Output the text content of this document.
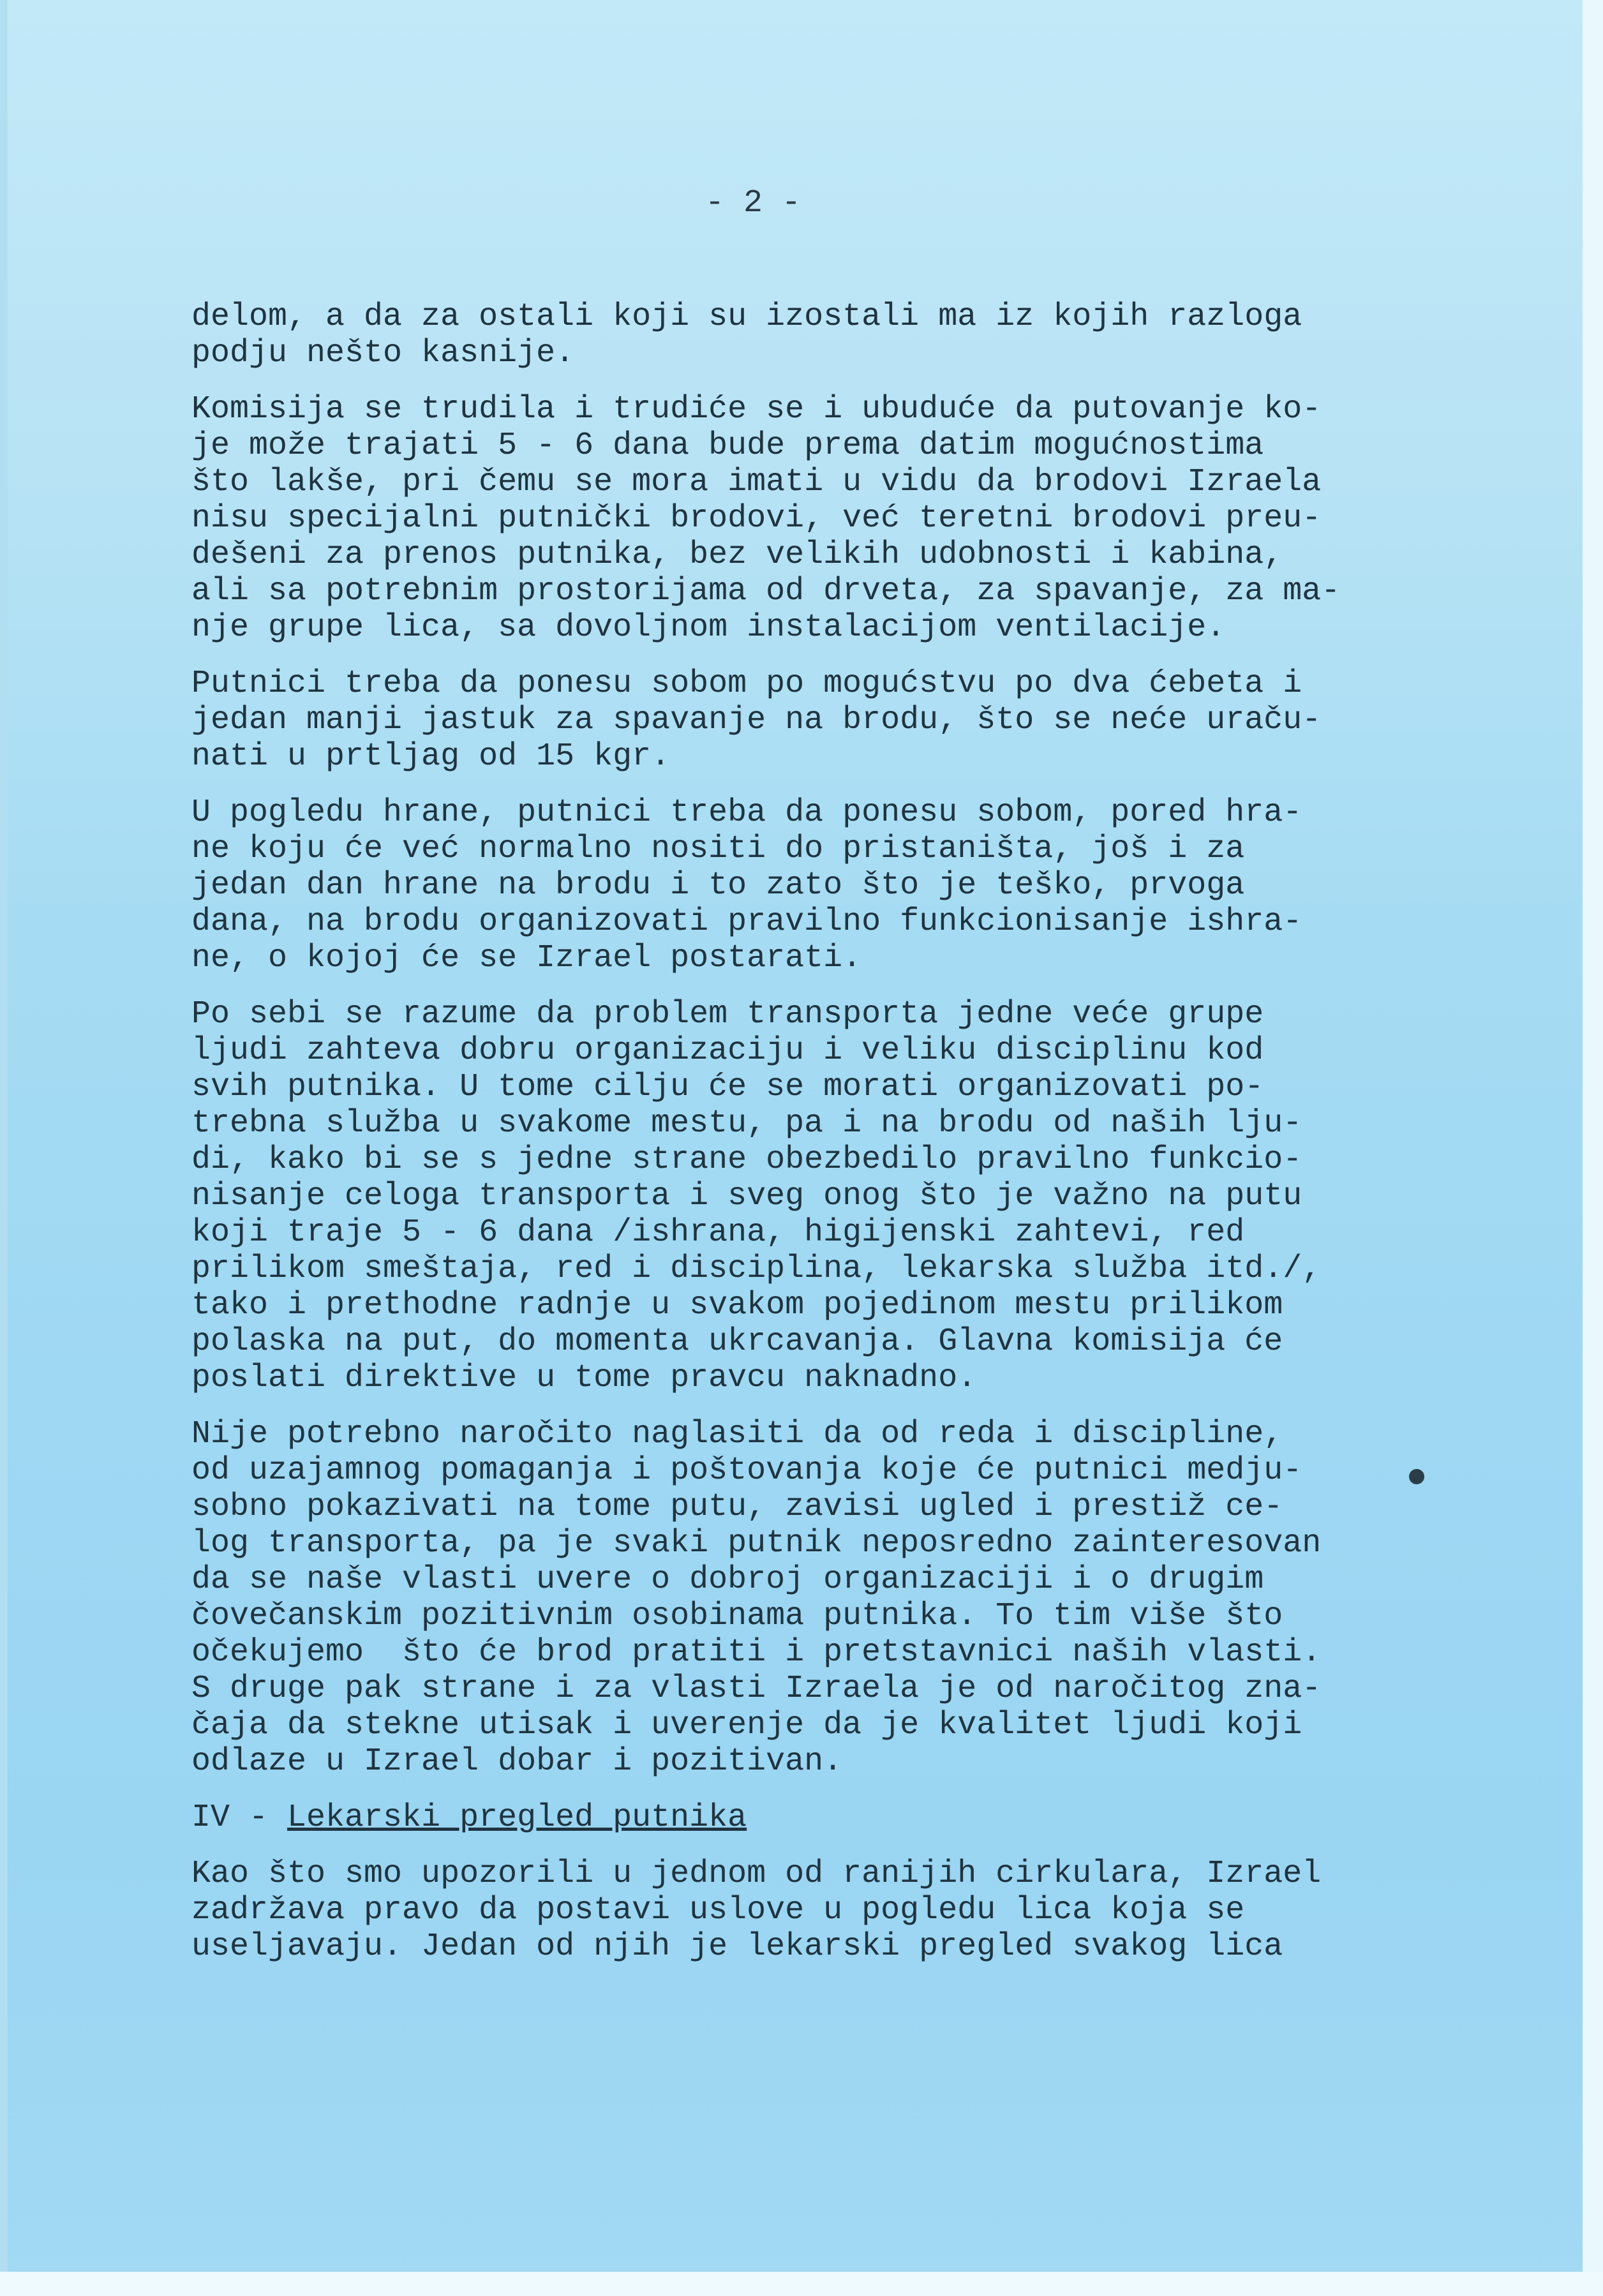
- 2 -

delom, a da za ostali koji su izostali ma iz kojih razloga
podju nešto kasnije.

Komisija se trudila i trudiće se i ubuduće da putovanje ko-
je može trajati 5 - 6 dana bude prema datim mogućnostima
što lakše, pri čemu se mora imati u vidu da brodovi Izraela
nisu specijalni putnički brodovi, već teretni brodovi preu-
dešeni za prenos putnika, bez velikih udobnosti i kabina,
ali sa potrebnim prostorijama od drveta, za spavanje, za ma-
nje grupe lica, sa dovoljnom instalacijom ventilacije.

Putnici treba da ponesu sobom po mogućstvu po dva ćebeta i
jedan manji jastuk za spavanje na brodu, što se neće uraču-
nati u prtljag od 15 kgr.

U pogledu hrane, putnici treba da ponesu sobom, pored hra-
ne koju će već normalno nositi do pristaništa, još i za
jedan dan hrane na brodu i to zato što je teško, prvoga
dana, na brodu organizovati pravilno funkcionisanje ishra-
ne, o kojoj će se Izrael postarati.

Po sebi se razume da problem transporta jedne veće grupe
ljudi zahteva dobru organizaciju i veliku disciplinu kod
svih putnika. U tome cilju će se morati organizovati po-
trebna služba u svakome mestu, pa i na brodu od naših lju-
di, kako bi se s jedne strane obezbedilo pravilno funkcio-
nisanje celoga transporta i sveg onog što je važno na putu
koji traje 5 - 6 dana /ishrana, higijenski zahtevi, red
prilikom smeštaja, red i disciplina, lekarska služba itd./,
tako i prethodne radnje u svakom pojedinom mestu prilikom
polaska na put, do momenta ukrcavanja. Glavna komisija će
poslati direktive u tome pravcu naknadno.

Nije potrebno naročito naglasiti da od reda i discipline,
od uzajamnog pomaganja i poštovanja koje će putnici medju-
sobno pokazivati na tome putu, zavisi ugled i prestiž ce-
log transporta, pa je svaki putnik neposredno zainteresovan
da se naše vlasti uvere o dobroj organizaciji i o drugim
čovečanskim pozitivnim osobinama putnika. To tim više što
očekujemo  što će brod pratiti i pretstavnici naših vlasti.
S druge pak strane i za vlasti Izraela je od naročitog zna-
čaja da stekne utisak i uverenje da je kvalitet ljudi koji
odlaze u Izrael dobar i pozitivan.

IV - Lekarski pregled putnika

Kao što smo upozorili u jednom od ranijih cirkulara, Izrael
zadržava pravo da postavi uslove u pogledu lica koja se
useljavaju. Jedan od njih je lekarski pregled svakog lica
